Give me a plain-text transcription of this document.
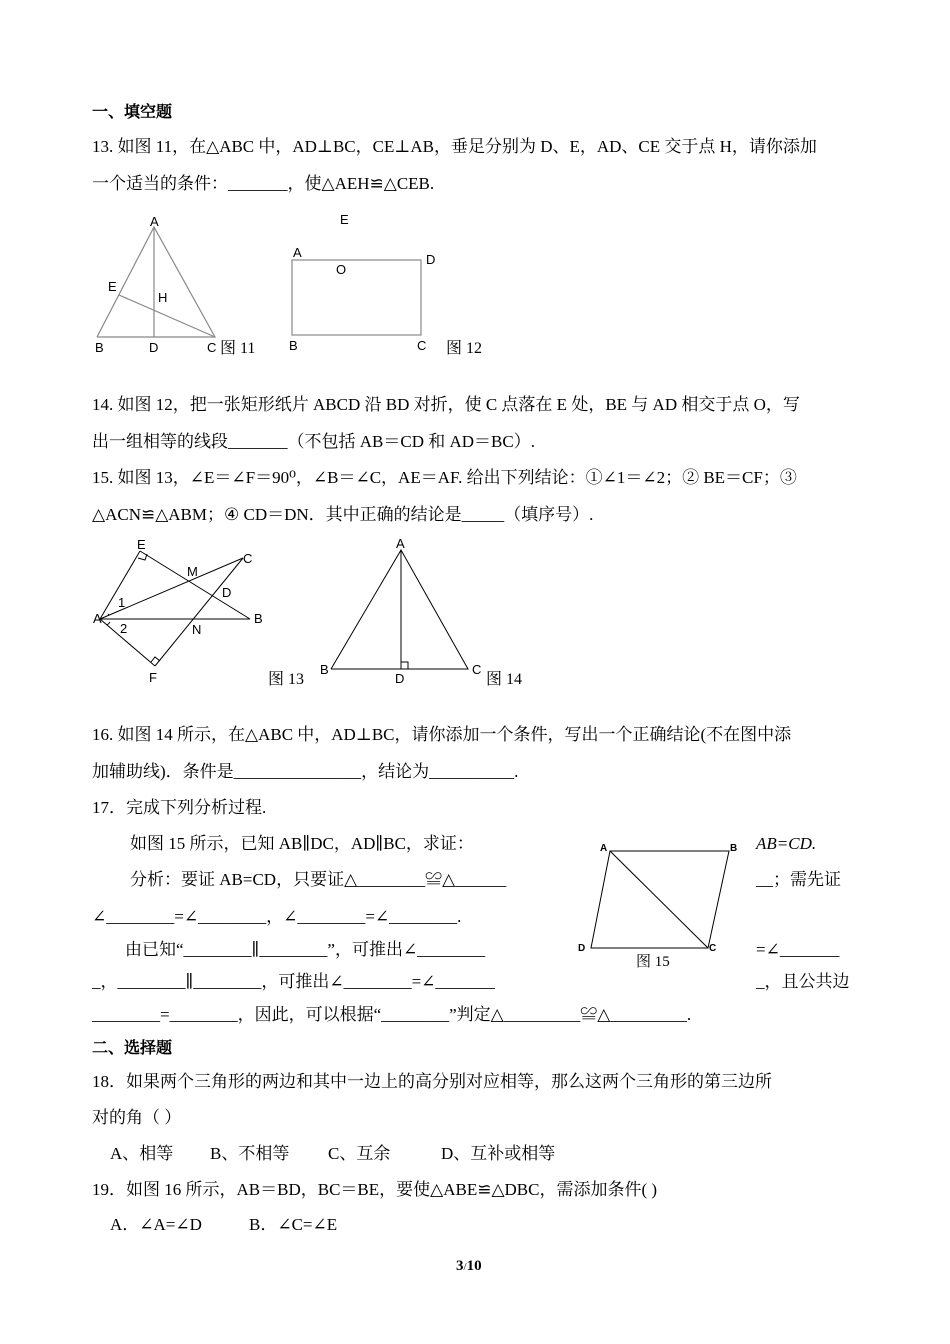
一、填空题
13. 如图 11，在△ABC 中，AD⊥BC，CE⊥AB，垂足分别为 D、E，AD、CE 交于点 H，请你添加
一个适当的条件：_______，使△AEH≌△CEB.
A
E
H
B	D	C 图 11
E
A
O
D
B	C 图 12
14. 如图 12，把一张矩形纸片 ABCD 沿 BD 对折，使 C 点落在 E 处，BE 与 AD 相交于点 O，写
出一组相等的线段_______（不包括 AB＝CD 和 AD＝BC）.
15. 如图 13，∠E＝∠F＝90⁰，∠B＝∠C，AE＝AF. 给出下列结论：①∠1＝∠2；② BE＝CF；③
△ACN≌△ABM；④ CD＝DN．其中正确的结论是_____（填序号）.
E
C
M
D
1
A	B
2	N
F	图 13
A
B	C
D	图 14
16. 如图 14 所示，在△ABC 中，AD⊥BC，请你添加一个条件，写出一个正确结论(不在图中添
加辅助线)．条件是_______________，结论为__________.
17．完成下列分析过程.
如图 15 所示，已知 AB∥DC，AD∥BC，求证：	AB=CD.
分析：要证 AB=CD，只要证△________≌△______	__；需先证
∠________=∠________，∠________=∠________.
由已知“________∥________”，可推出∠________	=∠_______
_，________∥________，可推出∠________=∠_______	_，且公共边
________=________，因此，可以根据“________”判定△_________≌△_________.
A	B
D	C
图 15
二、选择题
18．如果两个三角形的两边和其中一边上的高分别对应相等，那么这两个三角形的第三边所
对的角（ ）
A、相等 B、不相等 C、互余	D、互补或相等
19．如图 16 所示，AB＝BD，BC＝BE，要使△ABE≌△DBC，需添加条件( )
A．∠A=∠D	B．∠C=∠E
3/10
